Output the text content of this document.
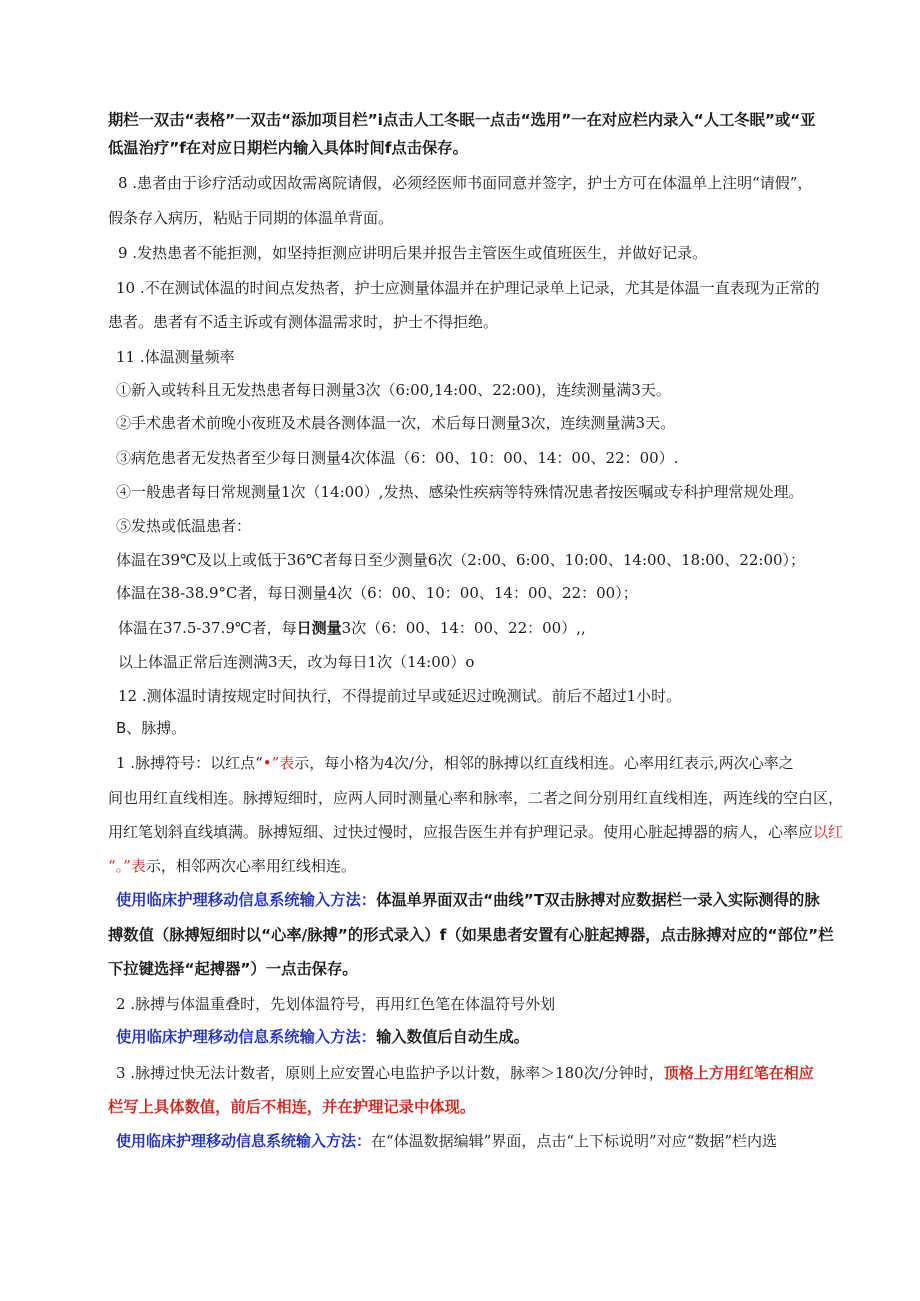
期栏一双击“表格”一双击“添加项目栏”i点击人工冬眠一点击“选用”一在对应栏内录入“人工冬眠”或“亚
低温治疗”f在对应日期栏内输入具体时间f点击保存。
8 .患者由于诊疗活动或因故需离院请假，必须经医师书面同意并签字，护士方可在体温单上注明“请假”，
假条存入病历，粘贴于同期的体温单背面。
9 .发热患者不能拒测，如坚持拒测应讲明后果并报告主管医生或值班医生，并做好记录。
10 .不在测试体温的时间点发热者，护士应测量体温并在护理记录单上记录，尤其是体温一直表现为正常的
患者。患者有不适主诉或有测体温需求时，护士不得拒绝。
11 .体温测量频率
①新入或转科且无发热患者每日测量3次（6:00,14:00、22:00)，连续测量满3天。
②手术患者术前晚小夜班及术晨各测体温一次，术后每日测量3次，连续测量满3天。
③病危患者无发热者至少每日测量4次体温（6：00、10：00、14：00、22：00）.
④一般患者每日常规测量1次（14:00）,发热、感染性疾病等特殊情况患者按医嘱或专科护理常规处理。
⑤发热或低温患者：
体温在39℃及以上或低于36℃者每日至少测量6次（2:00、6:00、10:00、14:00、18:00、22:00）；
体温在38-38.9°C者，每日测量4次（6：00、10：00、14：00、22：00）；
体温在37.5-37.9℃者，每日测量3次（6：00、14：00、22：00）,,
以上体温正常后连测满3天，改为每日1次（14:00）o
12 .测体温时请按规定时间执行，不得提前过早或延迟过晚测试。前后不超过1小时。
B、脉搏。
1 .脉搏符号：以红点“•”表示，每小格为4次/分，相邻的脉搏以红直线相连。心率用红表示,两次心率之
间也用红直线相连。脉搏短细时，应两人同时测量心率和脉率，二者之间分别用红直线相连，两连线的空白区，
用红笔划斜直线填满。脉搏短细、过快过慢时，应报告医生并有护理记录。使用心脏起搏器的病人，心率应以红
“。”表示，相邻两次心率用红线相连。
使用临床护理移动信息系统输入方法：体温单界面双击“曲线”T双击脉搏对应数据栏一录入实际测得的脉
搏数值（脉搏短细时以“心率/脉搏”的形式录入）f（如果患者安置有心脏起搏器，点击脉搏对应的“部位”栏
下拉键选择“起搏器”）一点击保存。
2 .脉搏与体温重叠时，先划体温符号，再用红色笔在体温符号外划
使用临床护理移动信息系统输入方法：输入数值后自动生成。
3 .脉搏过快无法计数者，原则上应安置心电监护予以计数，脉率＞180次/分钟时，顶格上方用红笔在相应
栏写上具体数值，前后不相连，并在护理记录中体现。
使用临床护理移动信息系统输入方法：在“体温数据编辑”界面，点击“上下标说明”对应“数据”栏内选
